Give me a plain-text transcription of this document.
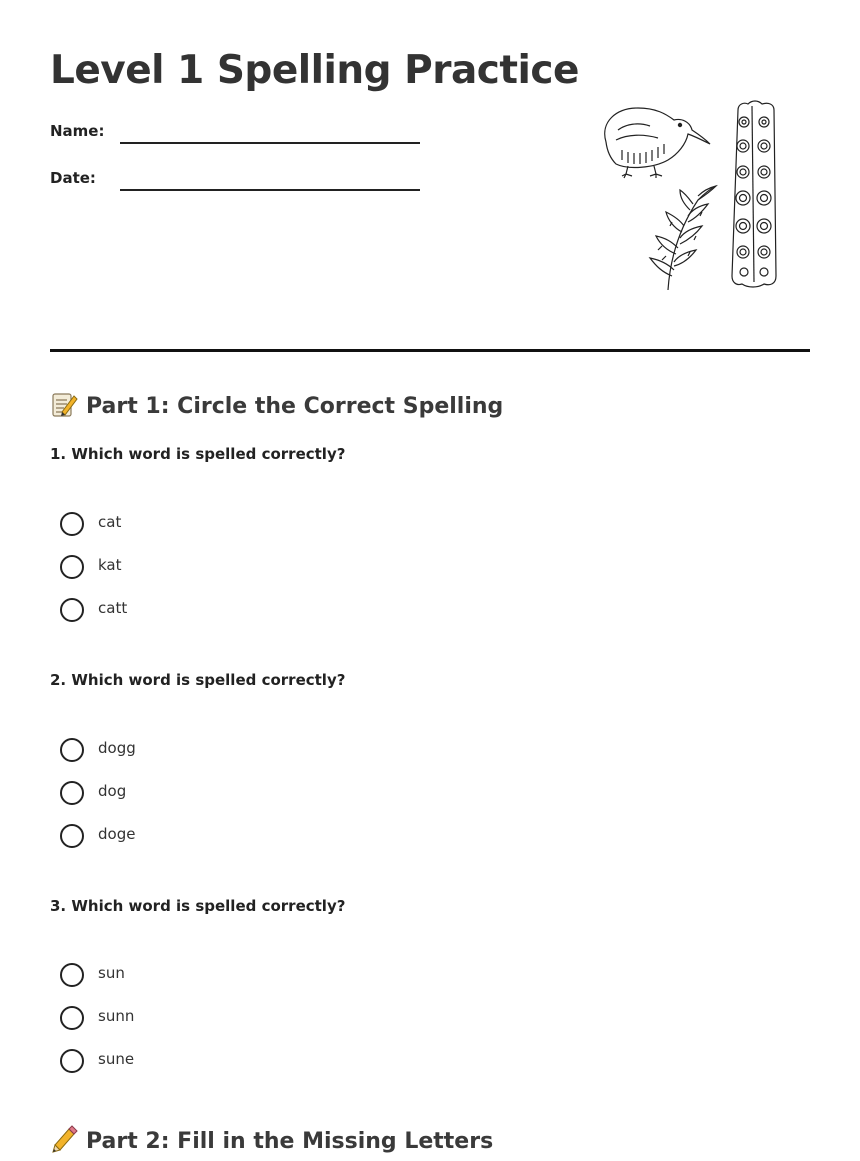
Level 1 Spelling Practice
Name:
Date:
Part 1: Circle the Correct Spelling
1. Which word is spelled correctly?
cat
kat
catt
2. Which word is spelled correctly?
dogg
dog
doge
3. Which word is spelled correctly?
sun
sunn
sune
Part 2: Fill in the Missing Letters
